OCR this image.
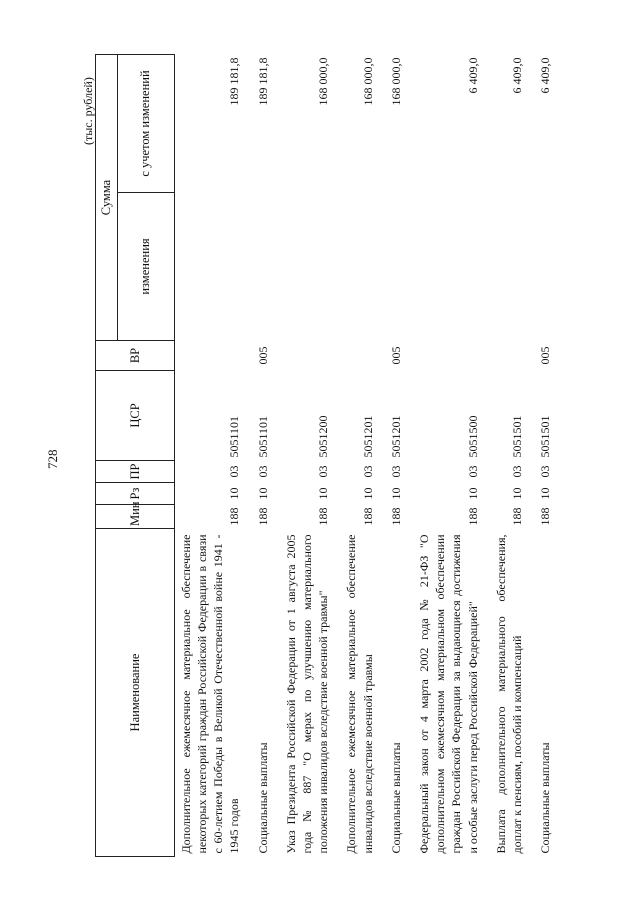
728
(тыс. рублей)
Наименование	Мин	Рз	ПР	ЦСР	ВР	Сумма	
						изменения	с учетом изменений
Дополнительное ежемесячное материальное обеспечение некоторых категорий граждан Российской Федерации в связи с 60-летием Победы в Великой Отечественной войне 1941 - 1945 годов	188	10	03	5051101			189 181,8

Социальные выплаты	188	10	03	5051101	005		189 181,8

Указ Президента Российской Федерации от 1 августа 2005 года № 887 "О мерах по улучшению материального положения инвалидов вследствие военной травмы"	188	10	03	5051200			168 000,0

Дополнительное ежемесячное материальное обеспечение инвалидов вследствие военной травмы	188	10	03	5051201			168 000,0

Социальные выплаты	188	10	03	5051201	005		168 000,0

Федеральный закон от 4 марта 2002 года № 21-ФЗ "О дополнительном ежемесячном материальном обеспечении граждан Российской Федерации за выдающиеся достижения и особые заслуги перед Российской Федерацией"	188	10	03	5051500			6 409,0

Выплата дополнительного материального обеспечения, доплат к пенсиям, пособий и компенсаций	188	10	03	5051501			6 409,0

Социальные выплаты	188	10	03	5051501	005		6 409,0
